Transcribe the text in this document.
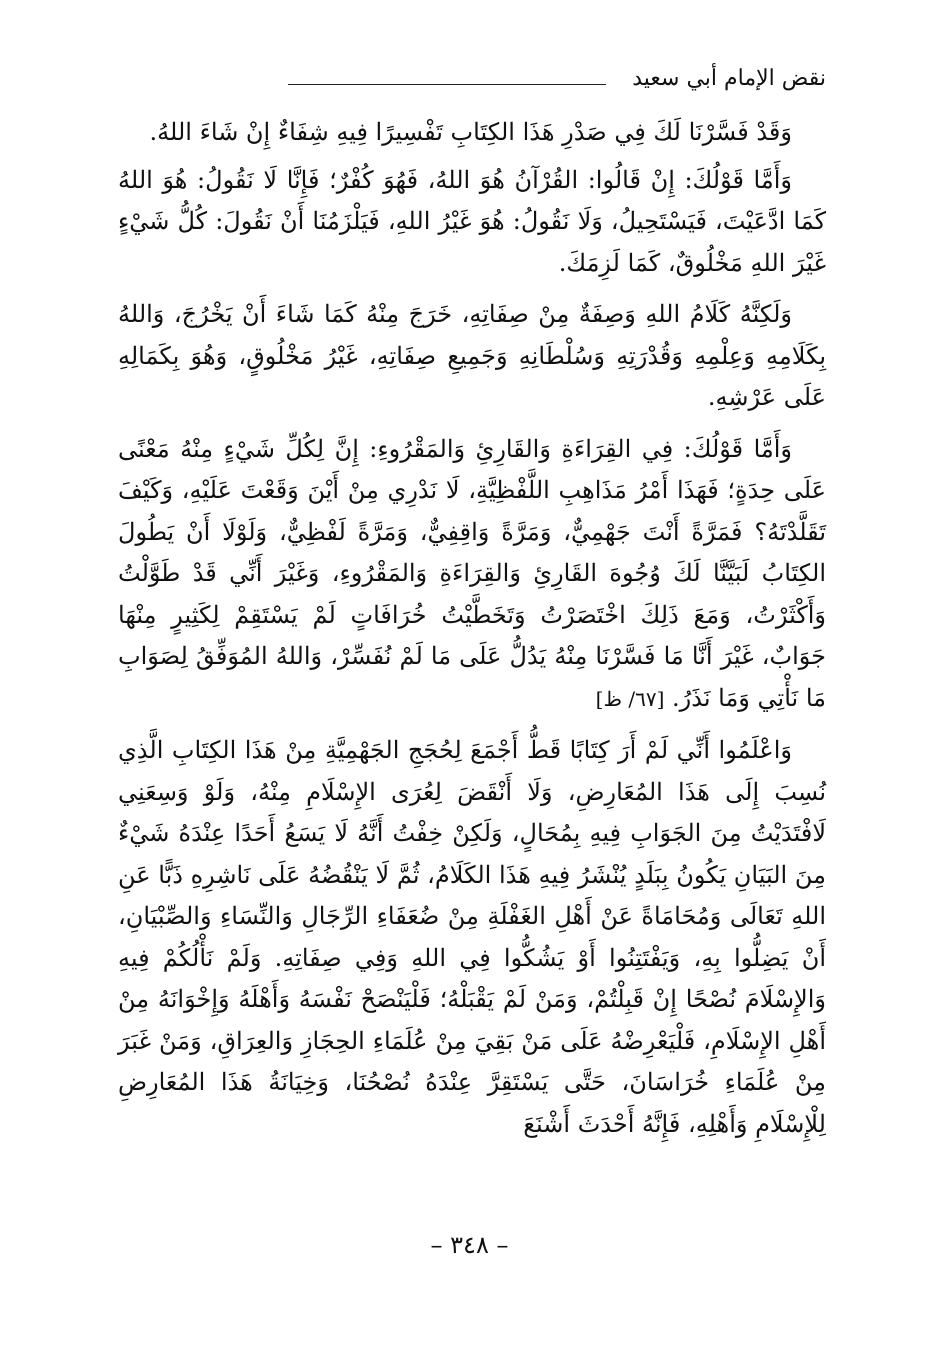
نقض الإمام أبي سعيد

وَقَدْ فَسَّرْنَا لَكَ فِي صَدْرِ هَذَا الكِتَابِ تَفْسِيرًا فِيهِ شِفَاءٌ إِنْ شَاءَ اللهُ.

وَأَمَّا قَوْلُكَ: إِنْ قَالُوا: القُرْآنُ هُوَ اللهُ، فَهُوَ كُفْرٌ؛ فَإِنَّا لَا نَقُولُ: هُوَ اللهُ كَمَا ادَّعَيْتَ، فَيَسْتَحِيلُ، وَلَا نَقُولُ: هُوَ غَيْرُ اللهِ، فَيَلْزَمُنَا أَنْ نَقُولَ: كُلُّ شَيْءٍ غَيْرَ اللهِ مَخْلُوقٌ، كَمَا لَزِمَكَ.

وَلَكِنَّهُ كَلَامُ اللهِ وَصِفَةٌ مِنْ صِفَاتِهِ، خَرَجَ مِنْهُ كَمَا شَاءَ أَنْ يَخْرُجَ، وَاللهُ بِكَلَامِهِ وَعِلْمِهِ وَقُدْرَتِهِ وَسُلْطَانِهِ وَجَمِيعِ صِفَاتِهِ، غَيْرُ مَخْلُوقٍ، وَهُوَ بِكَمَالِهِ عَلَى عَرْشِهِ.

وَأَمَّا قَوْلُكَ: فِي القِرَاءَةِ وَالقَارِئِ وَالمَقْرُوءِ: إِنَّ لِكُلِّ شَيْءٍ مِنْهُ مَعْنًى عَلَى حِدَةٍ؛ فَهَذَا أَمْرُ مَذَاهِبِ اللَّفْظِيَّةِ، لَا نَدْرِي مِنْ أَيْنَ وَقَعْتَ عَلَيْهِ، وَكَيْفَ تَقَلَّدْتَهُ؟ فَمَرَّةً أَنْتَ جَهْمِيٌّ، وَمَرَّةً وَاقِفِيٌّ، وَمَرَّةً لَفْظِيٌّ، وَلَوْلَا أَنْ يَطُولَ الكِتَابُ لَبَيَّنَّا لَكَ وُجُوهَ القَارِئِ وَالقِرَاءَةِ وَالمَقْرُوءِ، وَغَيْرَ أَنِّي قَدْ طَوَّلْتُ وَأَكْثَرْتُ، وَمَعَ ذَلِكَ اخْتَصَرْتُ وَتَخَطَّيْتُ خُرَافَاتٍ لَمْ يَسْتَقِمْ لِكَثِيرٍ مِنْهَا جَوَابٌ، غَيْرَ أَنَّا مَا فَسَّرْنَا مِنْهُ يَدُلُّ عَلَى مَا لَمْ نُفَسِّرْ، وَاللهُ المُوَفِّقُ لِصَوَابِ مَا نَأْتِي وَمَا نَذَرُ. [٦٧/ ظ]

وَاعْلَمُوا أَنِّي لَمْ أَرَ كِتَابًا قَطُّ أَجْمَعَ لِحُجَجِ الجَهْمِيَّةِ مِنْ هَذَا الكِتَابِ الَّذِي نُسِبَ إِلَى هَذَا المُعَارِضِ، وَلَا أَنْقَضَ لِعُرَى الإِسْلَامِ مِنْهُ، وَلَوْ وَسِعَنِي لَافْتَدَيْتُ مِنَ الجَوَابِ فِيهِ بِمُحَالٍ، وَلَكِنْ خِفْتُ أَنَّهُ لَا يَسَعُ أَحَدًا عِنْدَهُ شَيْءٌ مِنَ البَيَانِ يَكُونُ بِبَلَدٍ يُنْشَرُ فِيهِ هَذَا الكَلَامُ، ثُمَّ لَا يَنْقُضُهُ عَلَى نَاشِرِهِ ذَبًّا عَنِ اللهِ تَعَالَى وَمُحَامَاةً عَنْ أَهْلِ الغَفْلَةِ مِنْ ضُعَفَاءِ الرِّجَالِ وَالنِّسَاءِ وَالصِّبْيَانِ، أَنْ يَضِلُّوا بِهِ، وَيَفْتَتِنُوا أَوْ يَشُكُّوا فِي اللهِ وَفِي صِفَاتِهِ. وَلَمْ نَأْلُكُمْ فِيهِ وَالإِسْلَامَ نُصْحًا إِنْ قَبِلْتُمْ، وَمَنْ لَمْ يَقْبَلْهُ؛ فَلْيَنْصَحْ نَفْسَهُ وَأَهْلَهُ وَإِخْوَانَهُ مِنْ أَهْلِ الإِسْلَامِ، فَلْيَعْرِضْهُ عَلَى مَنْ بَقِيَ مِنْ عُلَمَاءِ الحِجَازِ وَالعِرَاقِ، وَمَنْ غَبَرَ مِنْ عُلَمَاءِ خُرَاسَانَ، حَتَّى يَسْتَقِرَّ عِنْدَهُ نُصْحُنَا، وَخِيَانَةُ هَذَا المُعَارِضِ لِلْإِسْلَامِ وَأَهْلِهِ، فَإِنَّهُ أَحْدَثَ أَشْنَعَ

– ٣٤٨ –
